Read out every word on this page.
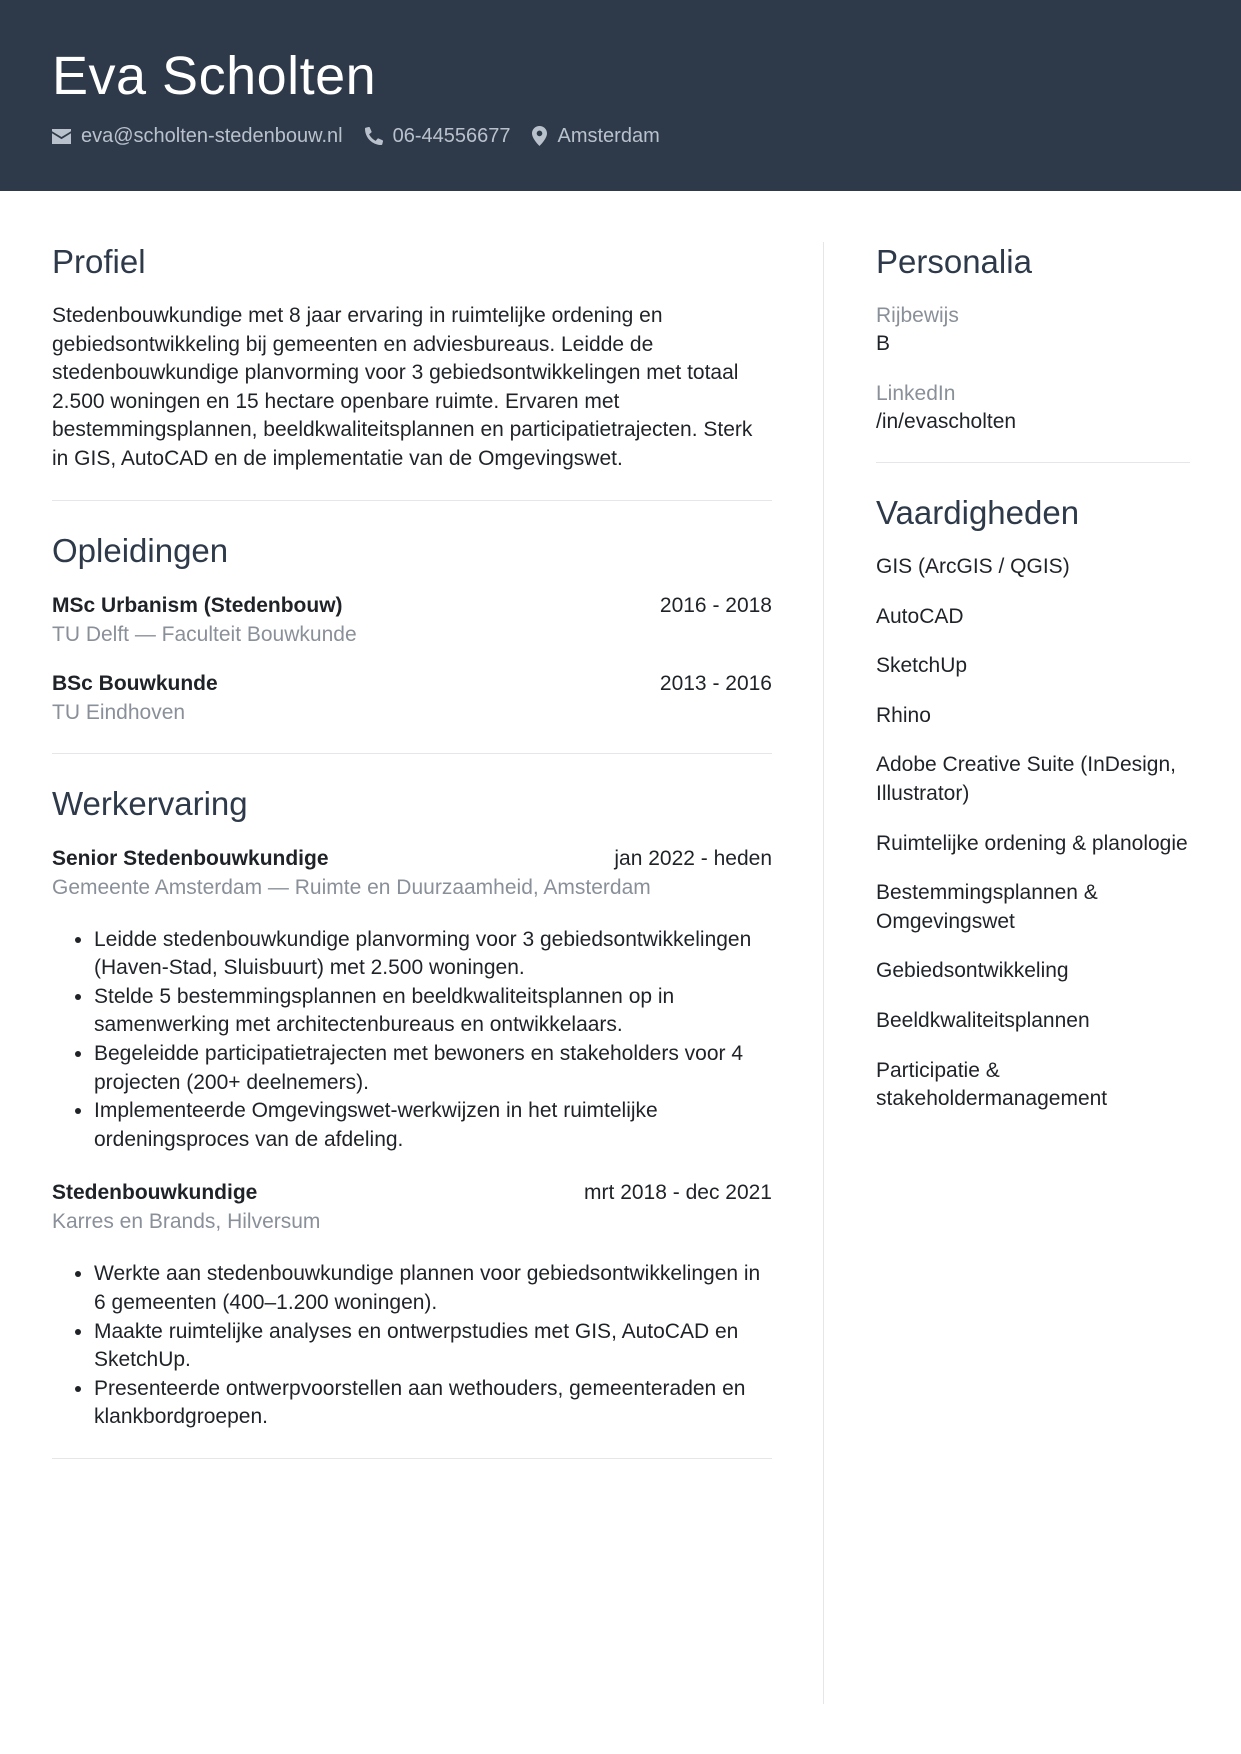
Eva Scholten
eva@scholten-stedenbouw.nl	06-44556677 Amsterdam
Profiel

Stedenbouwkundige met 8 jaar ervaring in ruimtelijke ordening en gebiedsontwikkeling bij gemeenten en adviesbureaus. Leidde de stedenbouwkundige planvorming voor 3 gebiedsontwikkelingen met totaal 2.500 woningen en 15 hectare openbare ruimte. Ervaren met bestemmingsplannen, beeldkwaliteitsplannen en participatietrajecten. Sterk in GIS, AutoCAD en de implementatie van de Omgevingswet.

Opleidingen
MSc Urbanism (Stedenbouw)	2016 - 2018
TU Delft — Faculteit Bouwkunde
BSc Bouwkunde	2013 - 2016
TU Eindhoven
Werkervaring
Senior Stedenbouwkundige	jan 2022 - heden
Gemeente Amsterdam — Ruimte en Duurzaamheid, Amsterdam
• Leidde stedenbouwkundige planvorming voor 3 gebiedsontwikkelingen (Haven-Stad, Sluisbuurt) met 2.500 woningen.
• Stelde 5 bestemmingsplannen en beeldkwaliteitsplannen op in samenwerking met architectenbureaus en ontwikkelaars.
• Begeleidde participatietrajecten met bewoners en stakeholders voor 4 projecten (200+ deelnemers).
• Implementeerde Omgevingswet-werkwijzen in het ruimtelijke ordeningsproces van de afdeling.
Stedenbouwkundige	mrt 2018 - dec 2021
Karres en Brands, Hilversum
• Werkte aan stedenbouwkundige plannen voor gebiedsontwikkelingen in 6 gemeenten (400–1.200 woningen).
• Maakte ruimtelijke analyses en ontwerpstudies met GIS, AutoCAD en SketchUp.
• Presenteerde ontwerpvoorstellen aan wethouders, gemeenteraden en klankbordgroepen.
Personalia
Rijbewijs
B
LinkedIn
/in/evascholten
Vaardigheden
GIS (ArcGIS / QGIS)
AutoCAD
SketchUp
Rhino
Adobe Creative Suite (InDesign, Illustrator)
Ruimtelijke ordening & planologie
Bestemmingsplannen & Omgevingswet
Gebiedsontwikkeling
Beeldkwaliteitsplannen
Participatie & stakeholdermanagement
